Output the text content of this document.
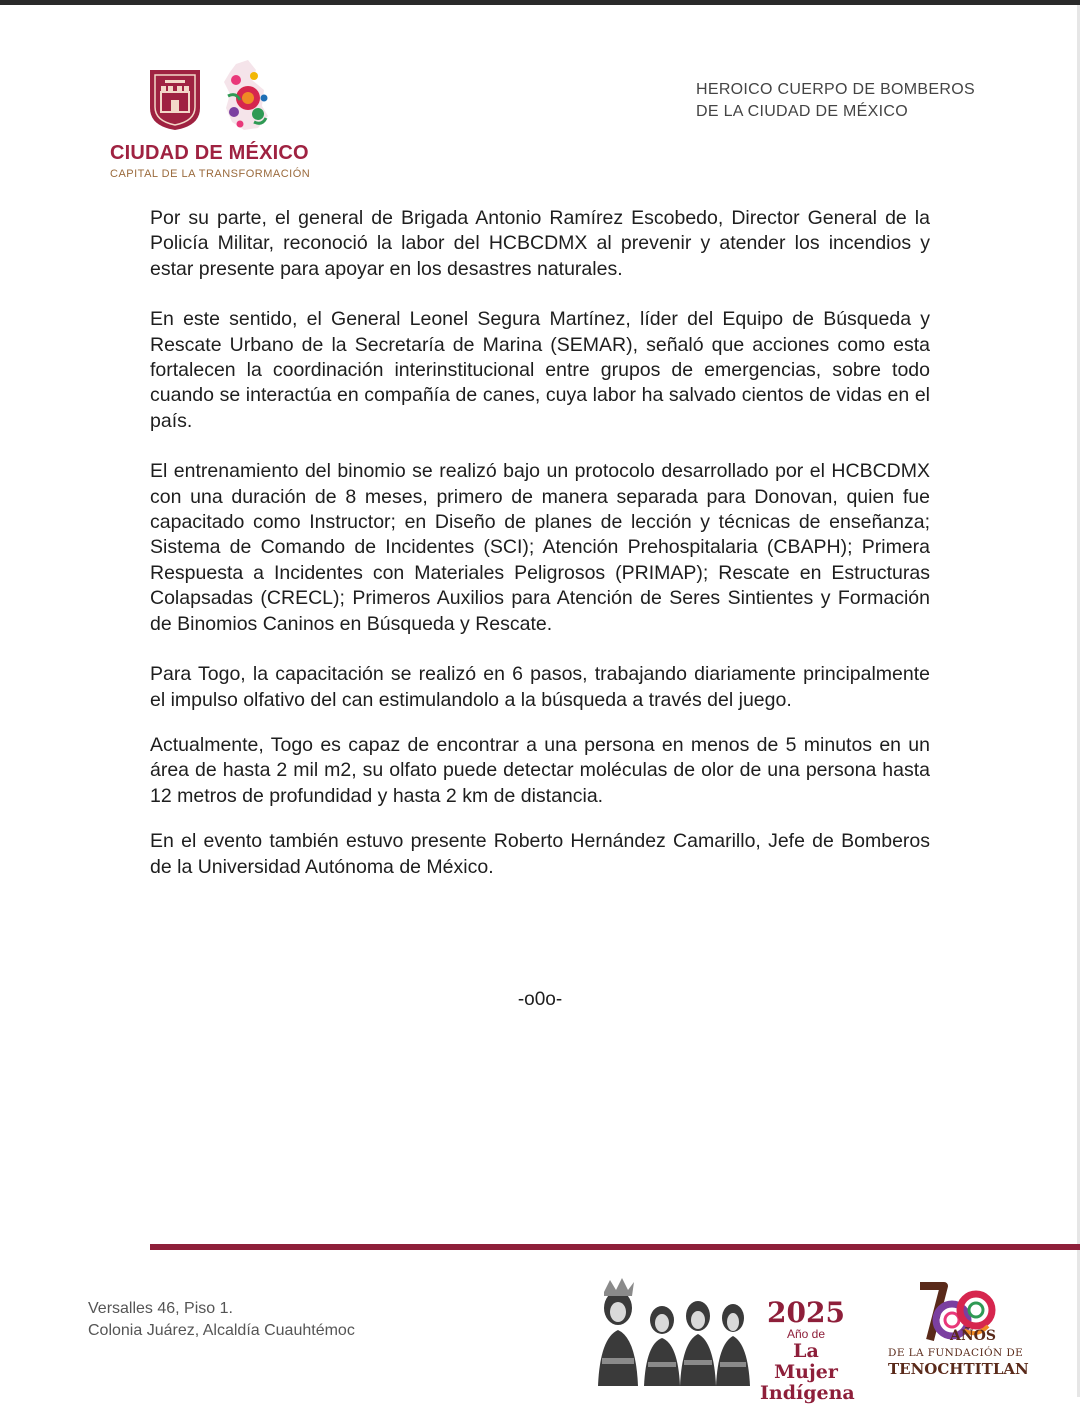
CIUDAD DE MÉXICO
CAPITAL DE LA TRANSFORMACIÓN
HEROICO CUERPO DE BOMBEROS
DE LA CIUDAD DE MÉXICO

Por su parte, el general de Brigada Antonio Ramírez Escobedo, Director General de la Policía Militar, reconoció la labor del HCBCDMX al prevenir y atender los incendios y estar presente para apoyar en los desastres naturales.

En este sentido, el General Leonel Segura Martínez, líder del Equipo de Búsqueda y Rescate Urbano de la Secretaría de Marina (SEMAR), señaló que acciones como esta fortalecen la coordinación interinstitucional entre grupos de emergencias, sobre todo cuando se interactúa en compañía de canes, cuya labor ha salvado cientos de vidas en el país.

El entrenamiento del binomio se realizó bajo un protocolo desarrollado por el HCBCDMX con una duración de 8 meses, primero de manera separada para Donovan, quien fue capacitado como Instructor; en Diseño de planes de lección y técnicas de enseñanza; Sistema de Comando de Incidentes (SCI); Atención Prehospitalaria (CBAPH); Primera Respuesta a Incidentes con Materiales Peligrosos (PRIMAP); Rescate en Estructuras Colapsadas (CRECL); Primeros Auxilios para Atención de Seres Sintientes y Formación de Binomios Caninos en Búsqueda y Rescate.

Para Togo, la capacitación se realizó en 6 pasos, trabajando diariamente principalmente el impulso olfativo del can estimulandolo a la búsqueda a través del juego.

Actualmente, Togo es capaz de encontrar a una persona en menos de 5 minutos en un área de hasta 2 mil m2, su olfato puede detectar moléculas de olor de una persona hasta 12 metros de profundidad y hasta 2 km de distancia.

En el evento también estuvo presente Roberto Hernández Camarillo, Jefe de Bomberos de la Universidad Autónoma de México.

-o0o-
Versalles 46, Piso 1.
Colonia Juárez, Alcaldía Cuauhtémoc
2025
Año de
La Mujer
Indígena
AÑOS
DE LA FUNDACIÓN DE
TENOCHTITLAN
